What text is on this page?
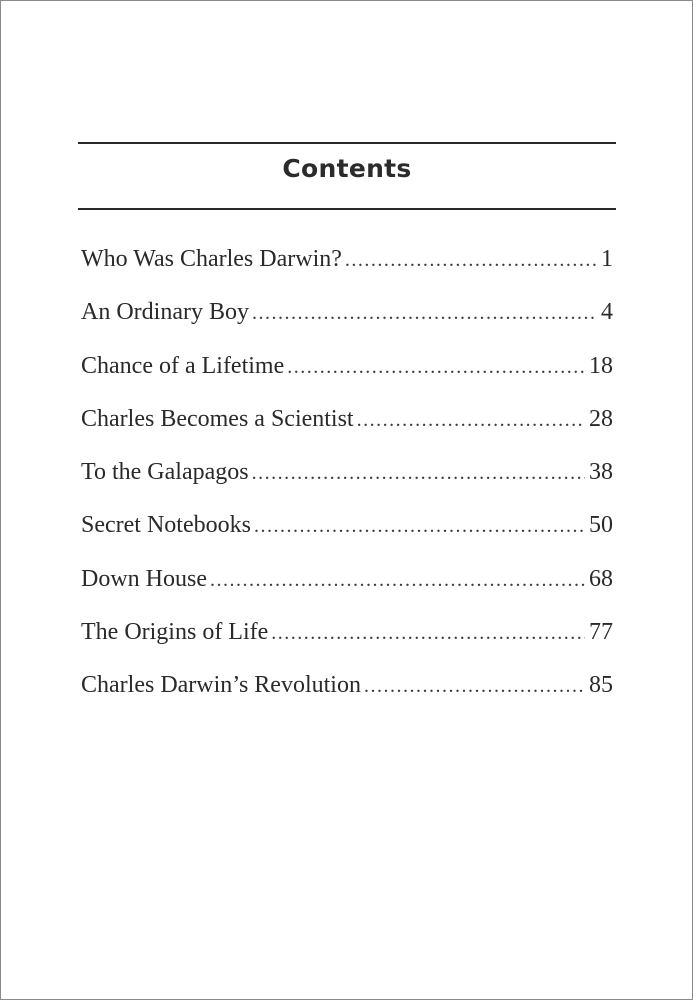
Contents
Who Was Charles Darwin? .....	1
An Ordinary Boy .....	4
Chance of a Lifetime .....	18
Charles Becomes a Scientist .....	28
To the Galapagos .....	38
Secret Notebooks .....	50
Down House .....	68
The Origins of Life .....	77
Charles Darwin’s Revolution .....	85
